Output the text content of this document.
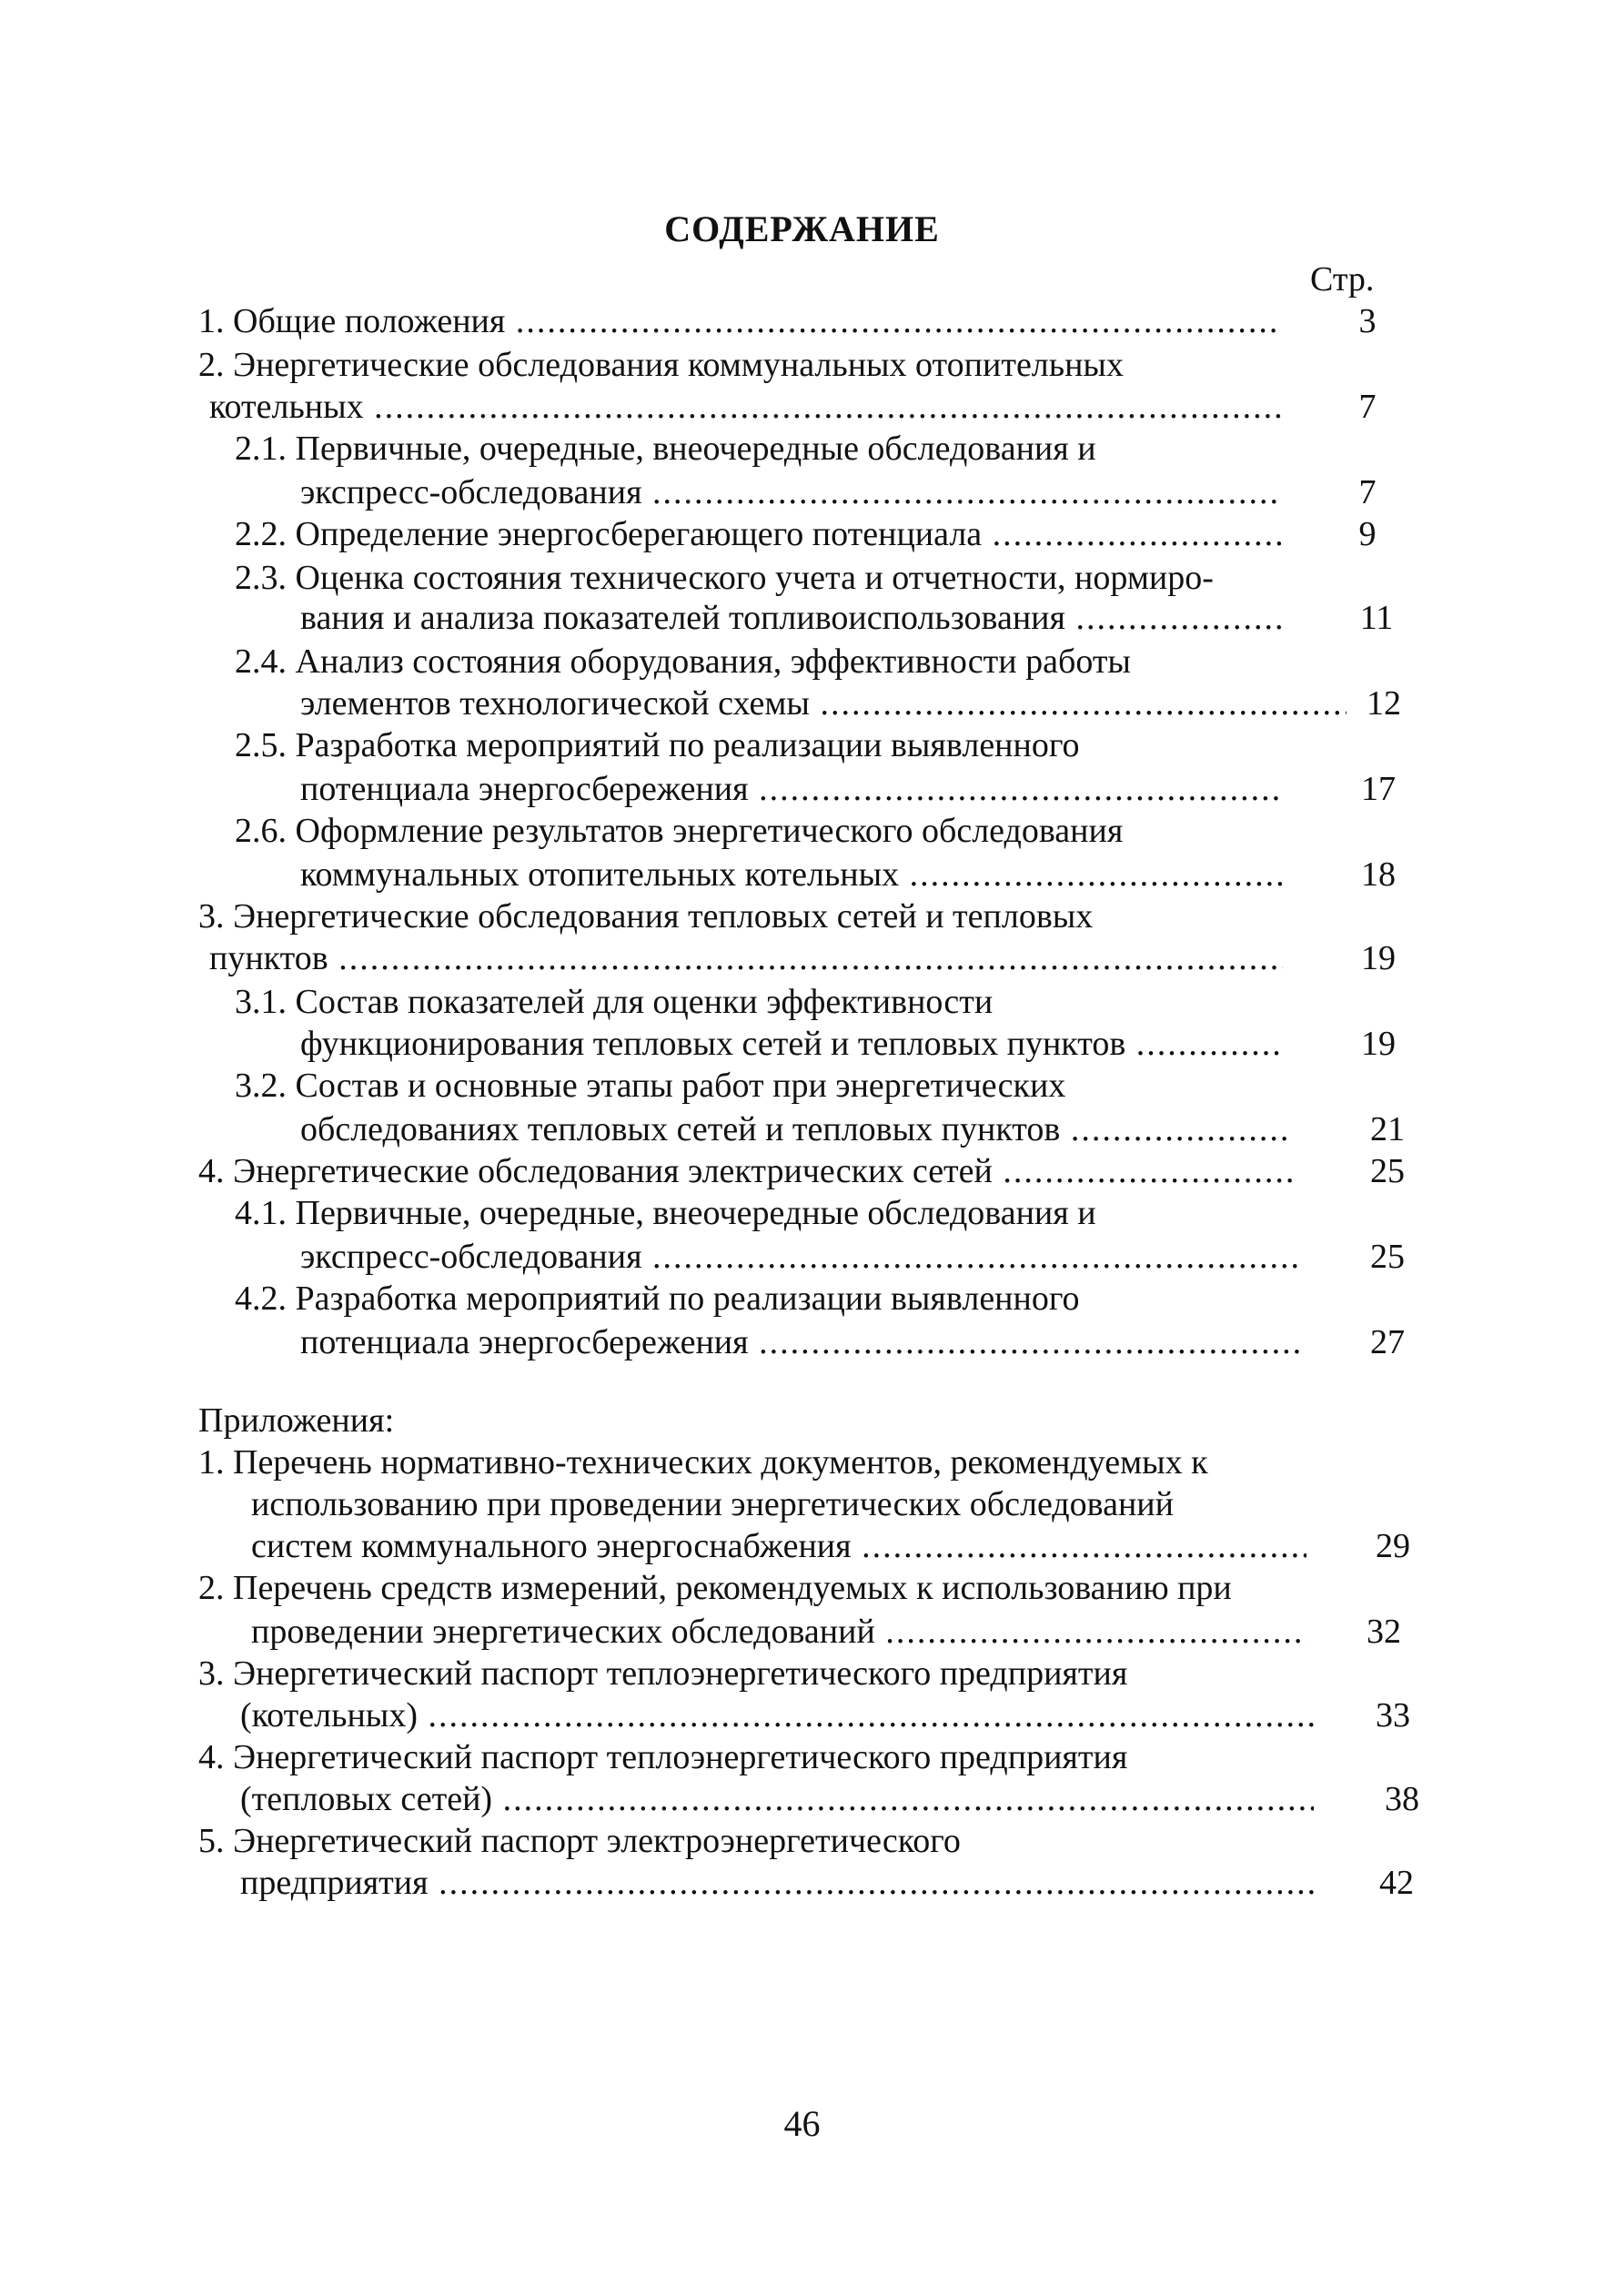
СОДЕРЖАНИЕ
Стр.
1. Общие положения .....	3
2. Энергетические обследования коммунальных отопительных
котельных .....	7
2.1. Первичные, очередные, внеочередные обследования и
экспресс-обследования .....	7
2.2. Определение энергосберегающего потенциала .....	9
2.3. Оценка состояния технического учета и отчетности, нормиро-
вания и анализа показателей топливоиспользования .....	11
2.4. Анализ состояния оборудования, эффективности работы
элементов технологической схемы .....	12
2.5. Разработка мероприятий по реализации выявленного
потенциала энергосбережения .....	17
2.6. Оформление результатов энергетического обследования
коммунальных отопительных котельных .....	18
3. Энергетические обследования тепловых сетей и тепловых
пунктов .....	19
3.1. Состав показателей для оценки эффективности
функционирования тепловых сетей и тепловых пунктов .....	19
3.2. Состав и основные этапы работ при энергетических
обследованиях тепловых сетей и тепловых пунктов .....	21
4. Энергетические обследования электрических сетей .....	25
4.1. Первичные, очередные, внеочередные обследования и
экспресс-обследования .....	25
4.2. Разработка мероприятий по реализации выявленного
потенциала энергосбережения .....	27
Приложения:
1. Перечень нормативно-технических документов, рекомендуемых к
использованию при проведении энергетических обследований
систем коммунального энергоснабжения .....	29
2. Перечень средств измерений, рекомендуемых к использованию при
проведении энергетических обследований .....	32
3. Энергетический паспорт теплоэнергетического предприятия
(котельных) .....	33
4. Энергетический паспорт теплоэнергетического предприятия
(тепловых сетей) .....	38
5. Энергетический паспорт электроэнергетического
предприятия .....	42
46
